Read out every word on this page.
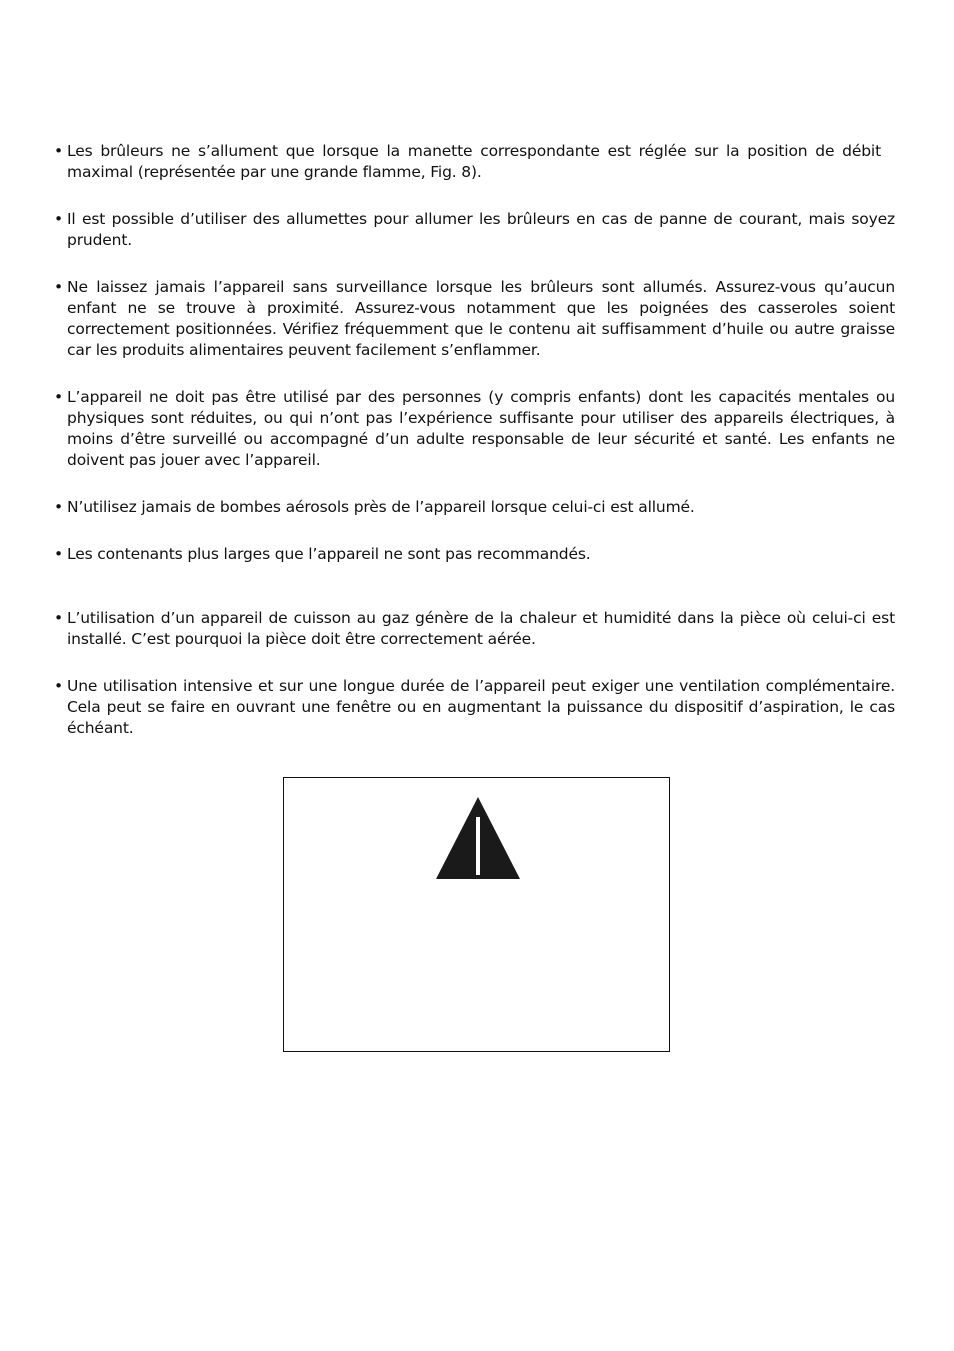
• Les brûleurs ne s’allument que lorsque la manette correspondante est réglée sur la position de débit maximal (représentée par une grande flamme, Fig. 8).
• Il est possible d’utiliser des allumettes pour allumer les brûleurs en cas de panne de courant, mais soyez prudent.
• Ne laissez jamais l’appareil sans surveillance lorsque les brûleurs sont allumés. Assurez-vous qu’aucun enfant ne se trouve à proximité. Assurez-vous notamment que les poignées des casseroles soient correctement positionnées. Vérifiez fréquemment que le contenu ait suffisamment d’huile ou autre graisse car les produits alimentaires peuvent facilement s’enflammer.
• L’appareil ne doit pas être utilisé par des personnes (y compris enfants) dont les capacités mentales ou physiques sont réduites, ou qui n’ont pas l’expérience suffisante pour utiliser des appareils électriques, à moins d’être surveillé ou accompagné d’un adulte responsable de leur sécurité et santé. Les enfants ne doivent pas jouer avec l’appareil.
• N’utilisez jamais de bombes aérosols près de l’appareil lorsque celui-ci est allumé.
• Les contenants plus larges que l’appareil ne sont pas recommandés.
• L’utilisation d’un appareil de cuisson au gaz génère de la chaleur et humidité dans la pièce où celui-ci est installé. C’est pourquoi la pièce doit être correctement aérée.
• Une utilisation intensive et sur une longue durée de l’appareil peut exiger une ventilation complémentaire. Cela peut se faire en ouvrant une fenêtre ou en augmentant la puissance du dispositif d’aspiration, le cas échéant.
